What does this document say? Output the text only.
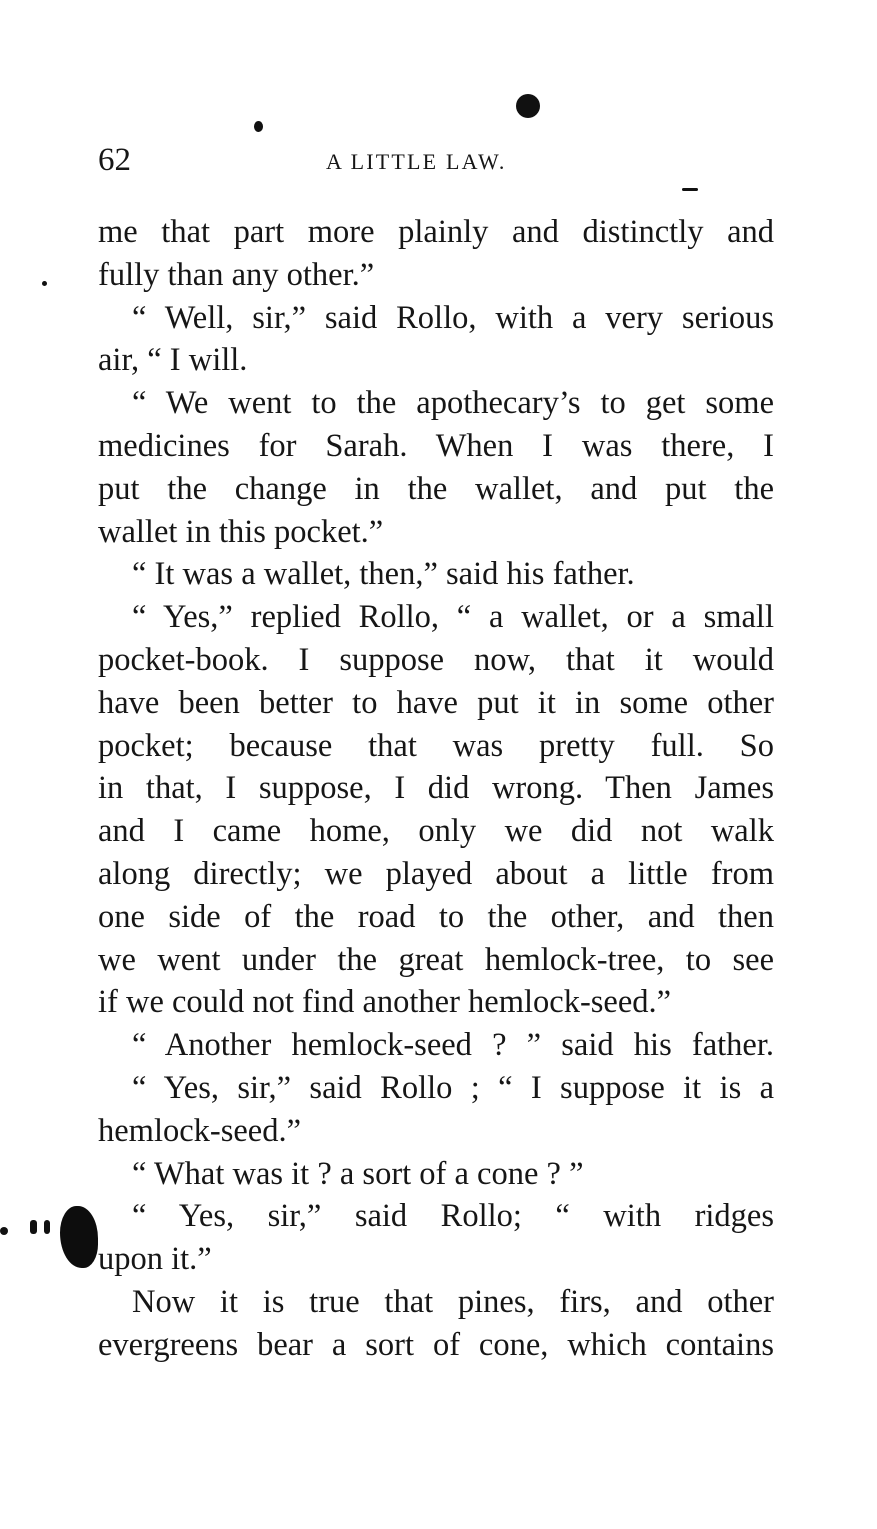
62	A LITTLE LAW.
me that part more plainly and distinctly and
fully than any other.”
“ Well, sir,” said Rollo, with a very serious
air, “ I will.
“ We went to the apothecary’s to get some
medicines for Sarah. When I was there, I
put the change in the wallet, and put the
wallet in this pocket.”
“ It was a wallet, then,” said his father.
“ Yes,” replied Rollo, “ a wallet, or a small
pocket-book. I suppose now, that it would
have been better to have put it in some other
pocket; because that was pretty full. So
in that, I suppose, I did wrong. Then James
and I came home, only we did not walk
along directly; we played about a little from
one side of the road to the other, and then
we went under the great hemlock-tree, to see
if we could not find another hemlock-seed.”
“ Another hemlock-seed ? ” said his father.
“ Yes, sir,” said Rollo ; “ I suppose it is a
hemlock-seed.”
“ What was it ? a sort of a cone ? ”
“ Yes, sir,” said Rollo; “ with ridges
upon it.”
Now it is true that pines, firs, and other
evergreens bear a sort of cone, which contains
